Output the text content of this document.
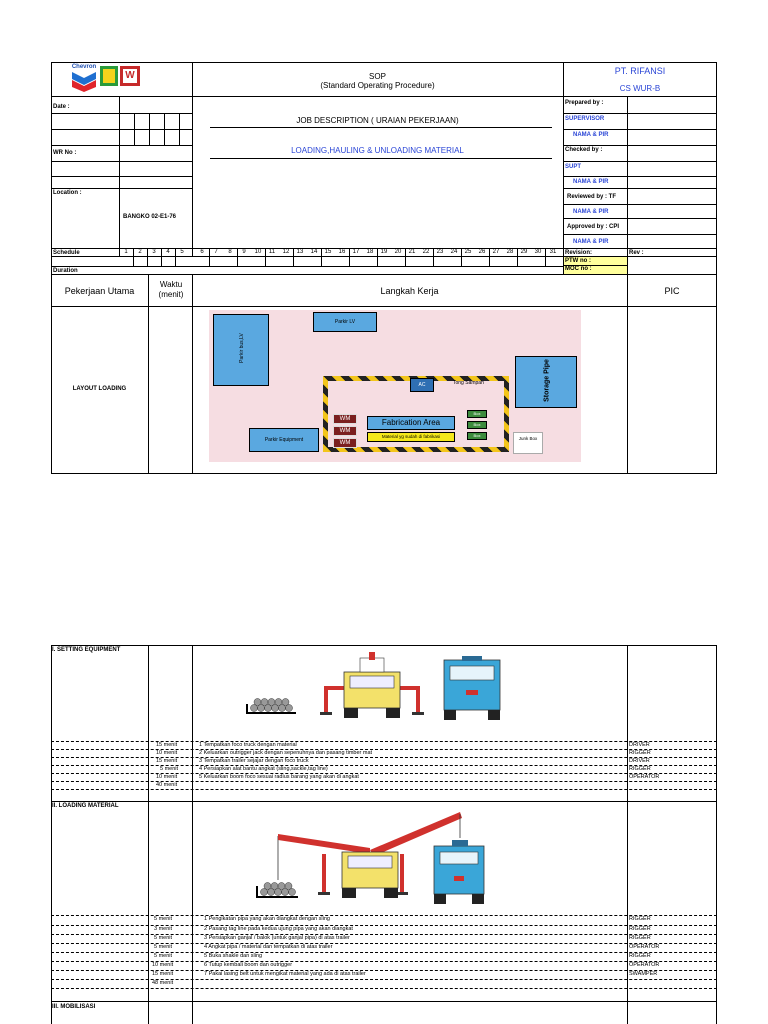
Chevron
W	SOP
(Standard Operating Procedure)
PT. RIFANSI
CS WUR-B
Date :
WR No :
Location :
BANGKO 02-E1-76
JOB DESCRIPTION ( URAIAN PEKERJAAN)
LOADING,HAULING & UNLOADING MATERIAL
Prepared by :
SUPERVISOR
NAMA & PIR
Checked by :
SUPT
NAMA & PIR
Reviewed by : TF
NAMA & PIR
Approved by : CPI
NAMA & PIR
Schedule
Duration
1	2	3	4	5	6	7	8	9	10	11	12	13	14	15	16	17	18	19	20	21	22	23	24	25	26	27	28	29	30	31	Revision:	Rev :
PTW no :
MOC no :
Pekerjaan Utama
Waktu (menit)	Langkah Kerja	PIC
LAYOUT LOADING
Parkir bus,LV
Parkir LV
Storage Pipe
AC	Tong Sampah
Fabrication Area
Material yg sudah di fabrikasi
WM
WM
WM
Box
Box
Box
Parkir Equipment	Junk Box
I. SETTING EQUIPMENT
15 menit	1 Tempatkan foco truck dengan material	DRIVER
10 menit	2 Keluarkan outrigger jack dengan sepenuhnya dan pasang timber mat	RIGGER
15 menit	3 Tempatkan trailer sejajar dengan foco truck	DRIVER
5 menit	4 Persiapkan alat bantu angkat (sling,sackle,tag line)	RIGGER
10 menit	5 Keluarkan boom foco sesuai radius barang yang akan di angkat	OPERATOR
40 menit
II. LOADING MATERIAL
5 menit	1 Pengikatan pipa yang akan diangkat dengan sling	RIGGER
3 menit	2 Pasang tag line pada kedua ujung pipa yang akan diangkat	RIGGER
5 menit	3 Persiapkan ganjal / balok (untuk ganjal pipa) di atas trailer	RIGGER
5 menit	4 Angkat pipa / material dan tempatkan di atas trailer	OPERATOR
5 menit	5 Buka shakle dan sling	RIGGER
10 menit	6 Tutup kembali boom dan outrigger	OPERATOR
15 menit	7 Pakai lasing belt untuk mengikat material yang ada di atas trailer	SWAMPER
48 menit
III. MOBILISASI
